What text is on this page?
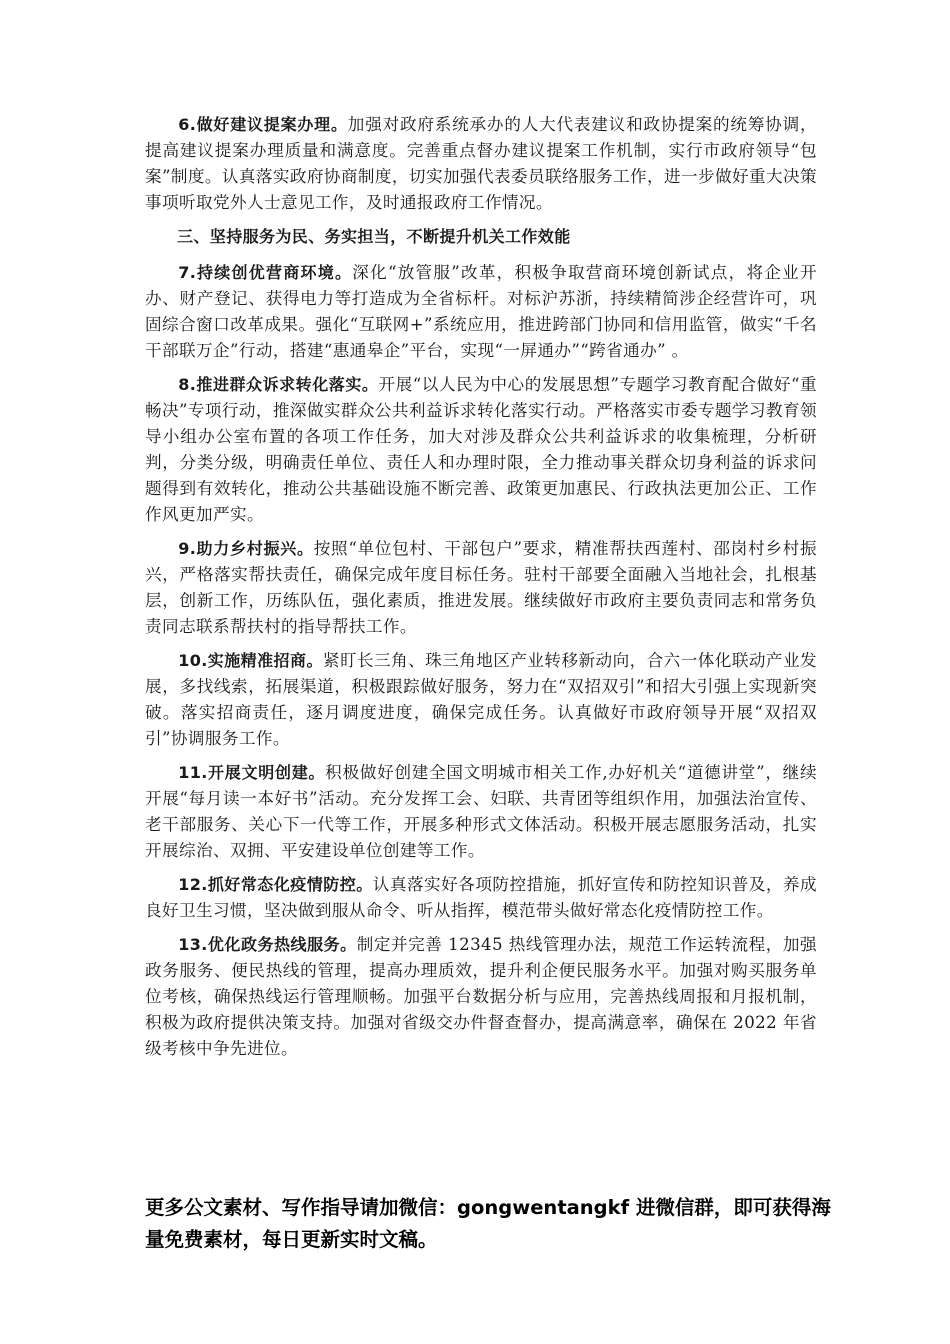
6.做好建议提案办理。加强对政府系统承办的人大代表建议和政协提案的统筹协调，提高建议提案办理质量和满意度。完善重点督办建议提案工作机制，实行市政府领导“包案”制度。认真落实政府协商制度，切实加强代表委员联络服务工作，进一步做好重大决策事项听取党外人士意见工作，及时通报政府工作情况。

三、坚持服务为民、务实担当，不断提升机关工作效能

7.持续创优营商环境。深化“放管服”改革，积极争取营商环境创新试点，将企业开办、财产登记、获得电力等打造成为全省标杆。对标沪苏浙，持续精简涉企经营许可，巩固综合窗口改革成果。强化“互联网+”系统应用，推进跨部门协同和信用监管，做实“千名干部联万企”行动，搭建“惠通皋企”平台，实现“一屏通办”“跨省通办” 。

8.推进群众诉求转化落实。开展“以人民为中心的发展思想”专题学习教育配合做好“重畅决”专项行动，推深做实群众公共利益诉求转化落实行动。严格落实市委专题学习教育领导小组办公室布置的各项工作任务，加大对涉及群众公共利益诉求的收集梳理，分析研判，分类分级，明确责任单位、责任人和办理时限，全力推动事关群众切身利益的诉求问题得到有效转化，推动公共基础设施不断完善、政策更加惠民、行政执法更加公正、工作作风更加严实。

9.助力乡村振兴。按照“单位包村、干部包户”要求，精准帮扶西莲村、邵岗村乡村振兴，严格落实帮扶责任，确保完成年度目标任务。驻村干部要全面融入当地社会，扎根基层，创新工作，历练队伍，强化素质，推进发展。继续做好市政府主要负责同志和常务负责同志联系帮扶村的指导帮扶工作。

10.实施精准招商。紧盯长三角、珠三角地区产业转移新动向，合六一体化联动产业发展，多找线索，拓展渠道，积极跟踪做好服务，努力在“双招双引”和招大引强上实现新突破。落实招商责任，逐月调度进度，确保完成任务。认真做好市政府领导开展“双招双引”协调服务工作。

11.开展文明创建。积极做好创建全国文明城市相关工作,办好机关“道德讲堂”，继续开展“每月读一本好书”活动。充分发挥工会、妇联、共青团等组织作用，加强法治宣传、老干部服务、关心下一代等工作，开展多种形式文体活动。积极开展志愿服务活动，扎实开展综治、双拥、平安建设单位创建等工作。

12.抓好常态化疫情防控。认真落实好各项防控措施，抓好宣传和防控知识普及，养成良好卫生习惯，坚决做到服从命令、听从指挥，模范带头做好常态化疫情防控工作。

13.优化政务热线服务。制定并完善 12345 热线管理办法，规范工作运转流程，加强政务服务、便民热线的管理，提高办理质效，提升利企便民服务水平。加强对购买服务单位考核，确保热线运行管理顺畅。加强平台数据分析与应用，完善热线周报和月报机制，积极为政府提供决策支持。加强对省级交办件督查督办，提高满意率，确保在 2022 年省级考核中争先进位。

更多公文素材、写作指导请加微信：gongwentangkf 进微信群，即可获得海量免费素材，每日更新实时文稿。
